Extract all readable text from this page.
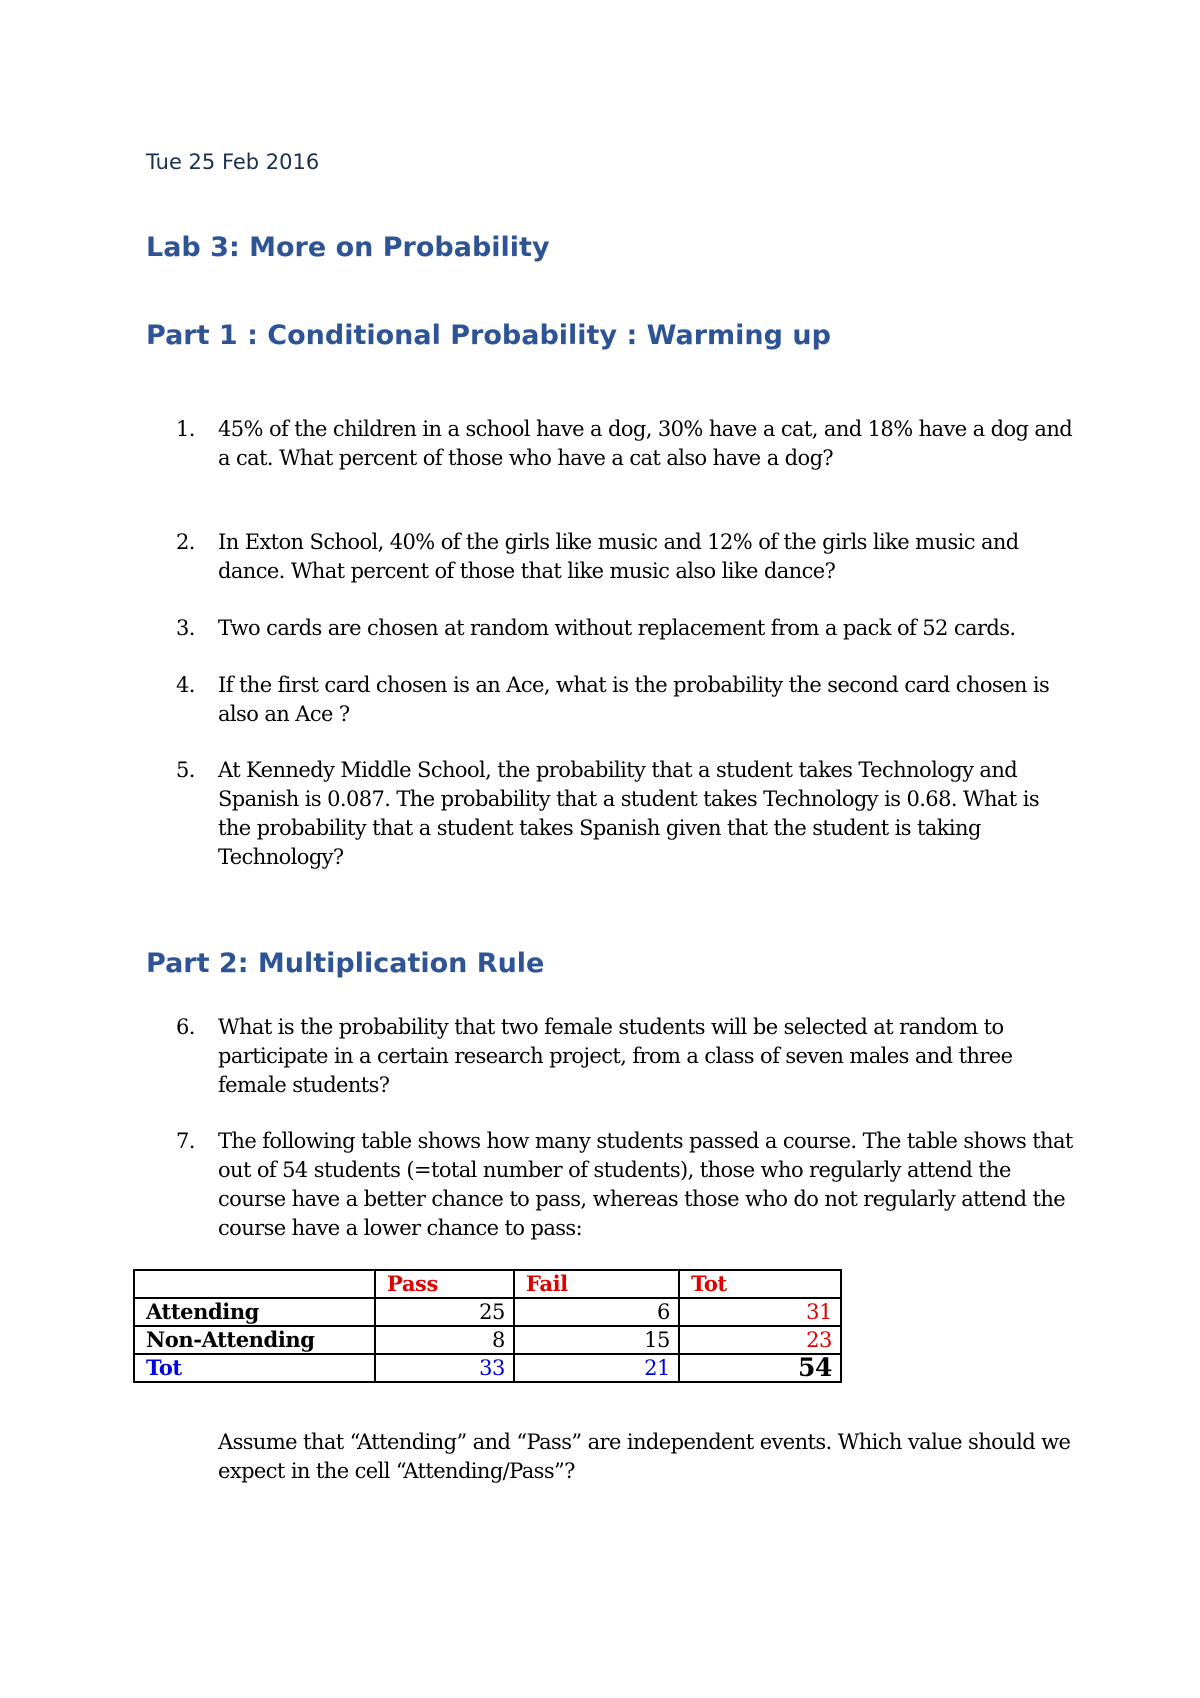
Tue 25 Feb 2016
Lab 3: More on Probability
Part 1 : Conditional Probability : Warming up
1.	45% of the children in a school have a dog, 30% have a cat, and 18% have a dog and a cat. What percent of those who have a cat also have a dog?
2.	In Exton School, 40% of the girls like music and 12% of the girls like music and dance. What percent of those that like music also like dance?
3.	Two cards are chosen at random without replacement from a pack of 52 cards.
4.	If the first card chosen is an Ace, what is the probability the second card chosen is also an Ace ?
5.	At Kennedy Middle School, the probability that a student takes Technology and Spanish is 0.087. The probability that a student takes Technology is 0.68. What is the probability that a student takes Spanish given that the student is taking Technology?
Part 2: Multiplication Rule
6.	What is the probability that two female students will be selected at random to participate in a certain research project, from a class of seven males and three female students?
7.	The following table shows how many students passed a course. The table shows that out of 54 students (=total number of students), those who regularly attend the course have a better chance to pass, whereas those who do not regularly attend the course have a lower chance to pass:
	Pass	Fail	Tot
Attending	25	6	31
Non-Attending	8	15	23
Tot	33	21	54
Assume that “Attending” and “Pass” are independent events. Which value should we expect in the cell “Attending/Pass”?
